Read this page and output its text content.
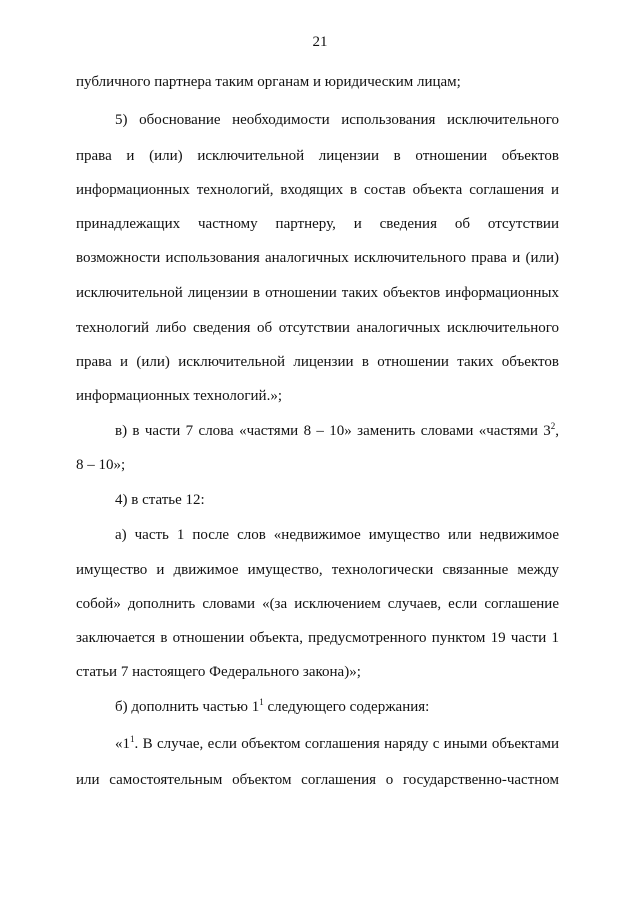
21
публичного партнера таким органам и юридическим лицам;
5) обоснование необходимости использования исключительного
права и (или) исключительной лицензии в отношении объектов
информационных технологий, входящих в состав объекта соглашения и
принадлежащих частному партнеру, и сведения об отсутствии
возможности использования аналогичных исключительного права и (или)
исключительной лицензии в отношении таких объектов информационных
технологий либо сведения об отсутствии аналогичных исключительного
права и (или) исключительной лицензии в отношении таких объектов
информационных технологий.»;
в) в части 7 слова «частями 8 – 10» заменить словами «частями $3^2$,
8 – 10»;
4) в статье 12:
а) часть 1 после слов «недвижимое имущество или недвижимое
имущество и движимое имущество, технологически связанные между
собой» дополнить словами «(за исключением случаев, если соглашение
заключается в отношении объекта, предусмотренного пунктом 19 части 1
статьи 7 настоящего Федерального закона)»;
б) дополнить частью $1^1$ следующего содержания:
«$1^1$. В случае, если объектом соглашения наряду с иными объектами
или самостоятельным объектом соглашения о государственно-частном
